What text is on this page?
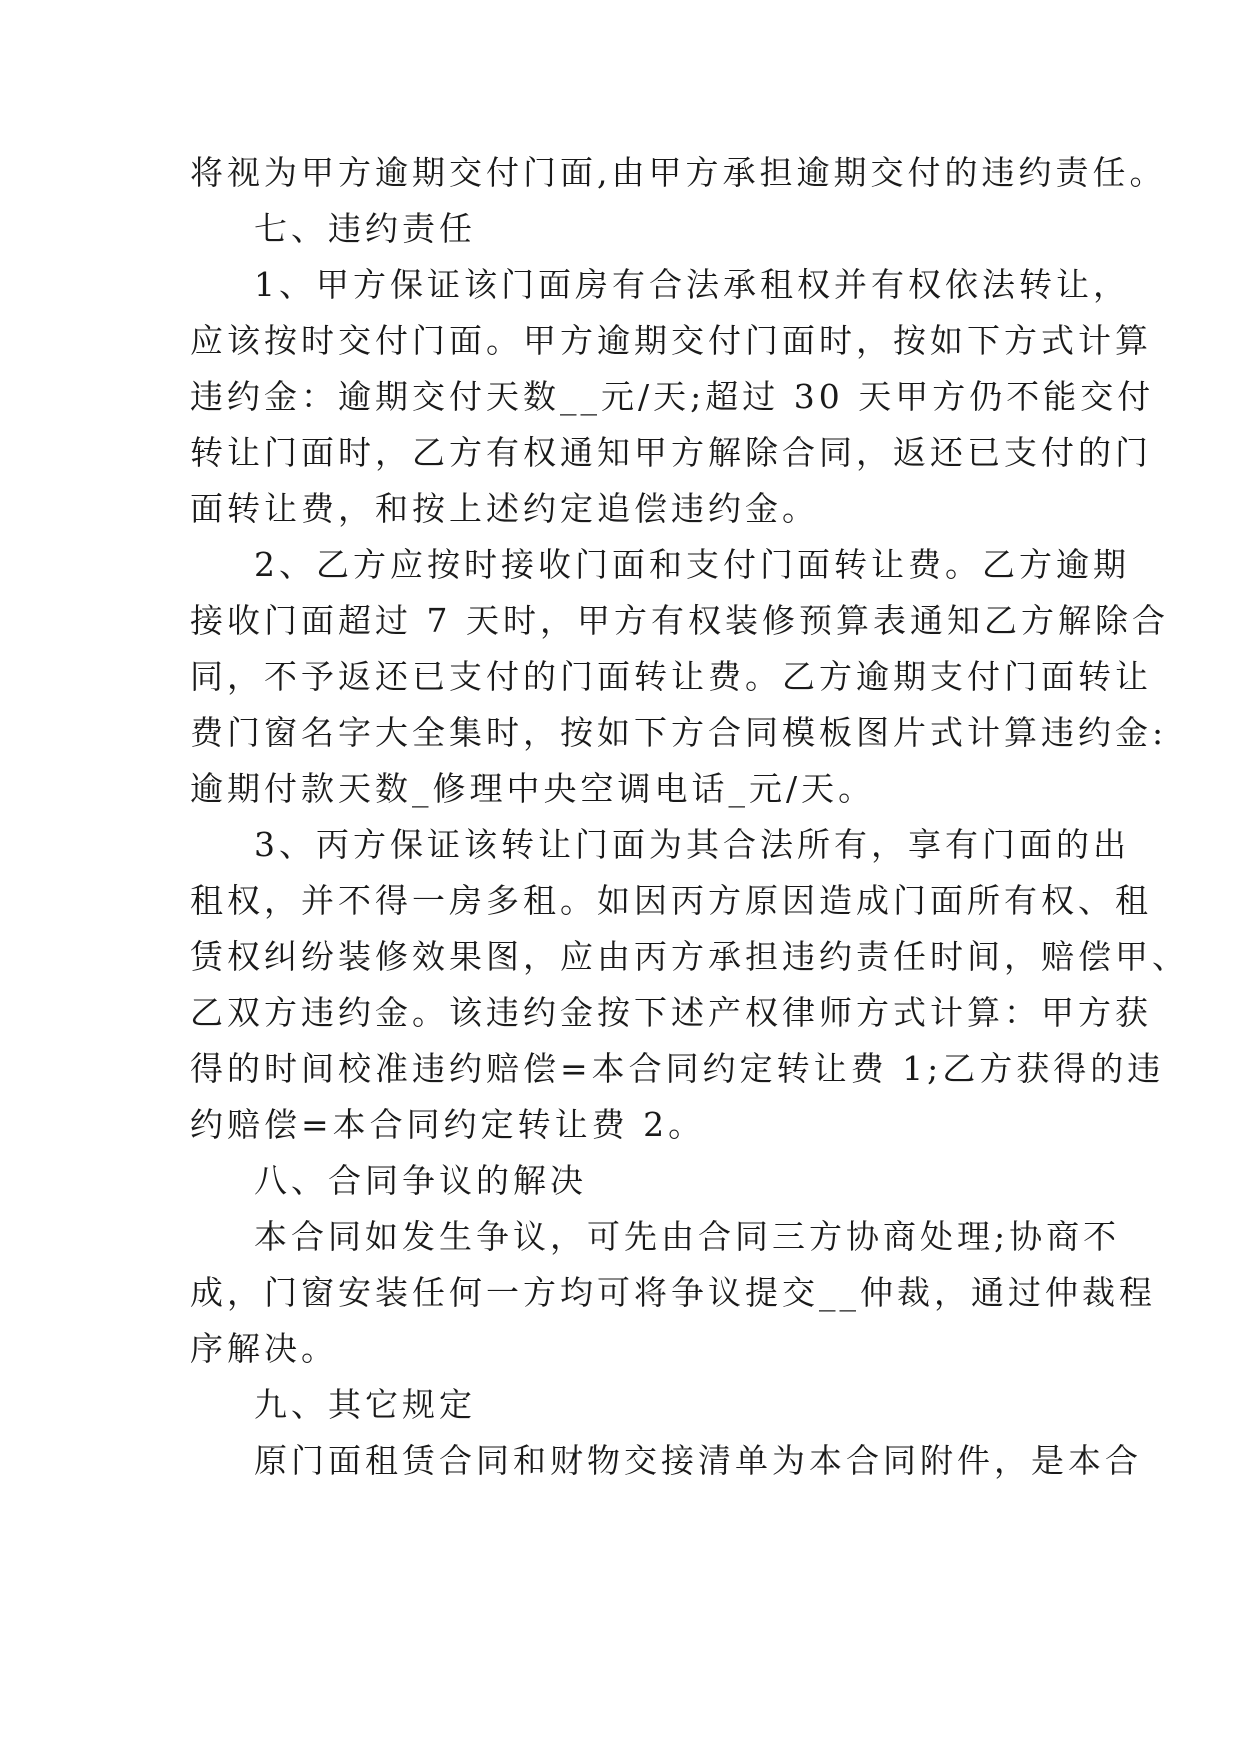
将视为甲方逾期交付门面,由甲方承担逾期交付的违约责任。
七、违约责任
1、甲方保证该门面房有合法承租权并有权依法转让，
应该按时交付门面。甲方逾期交付门面时，按如下方式计算
违约金：逾期交付天数__元/天;超过 30 天甲方仍不能交付
转让门面时，乙方有权通知甲方解除合同，返还已支付的门
面转让费，和按上述约定追偿违约金。
2、乙方应按时接收门面和支付门面转让费。乙方逾期
接收门面超过 7 天时，甲方有权装修预算表通知乙方解除合
同，不予返还已支付的门面转让费。乙方逾期支付门面转让
费门窗名字大全集时，按如下方合同模板图片式计算违约金:
逾期付款天数_修理中央空调电话_元/天。
3、丙方保证该转让门面为其合法所有，享有门面的出
租权，并不得一房多租。如因丙方原因造成门面所有权、租
赁权纠纷装修效果图，应由丙方承担违约责任时间，赔偿甲、
乙双方违约金。该违约金按下述产权律师方式计算：甲方获
得的时间校准违约赔偿=本合同约定转让费 1;乙方获得的违
约赔偿=本合同约定转让费 2。
八、合同争议的解决
本合同如发生争议，可先由合同三方协商处理;协商不
成，门窗安装任何一方均可将争议提交__仲裁，通过仲裁程
序解决。
九、其它规定
原门面租赁合同和财物交接清单为本合同附件，是本合
